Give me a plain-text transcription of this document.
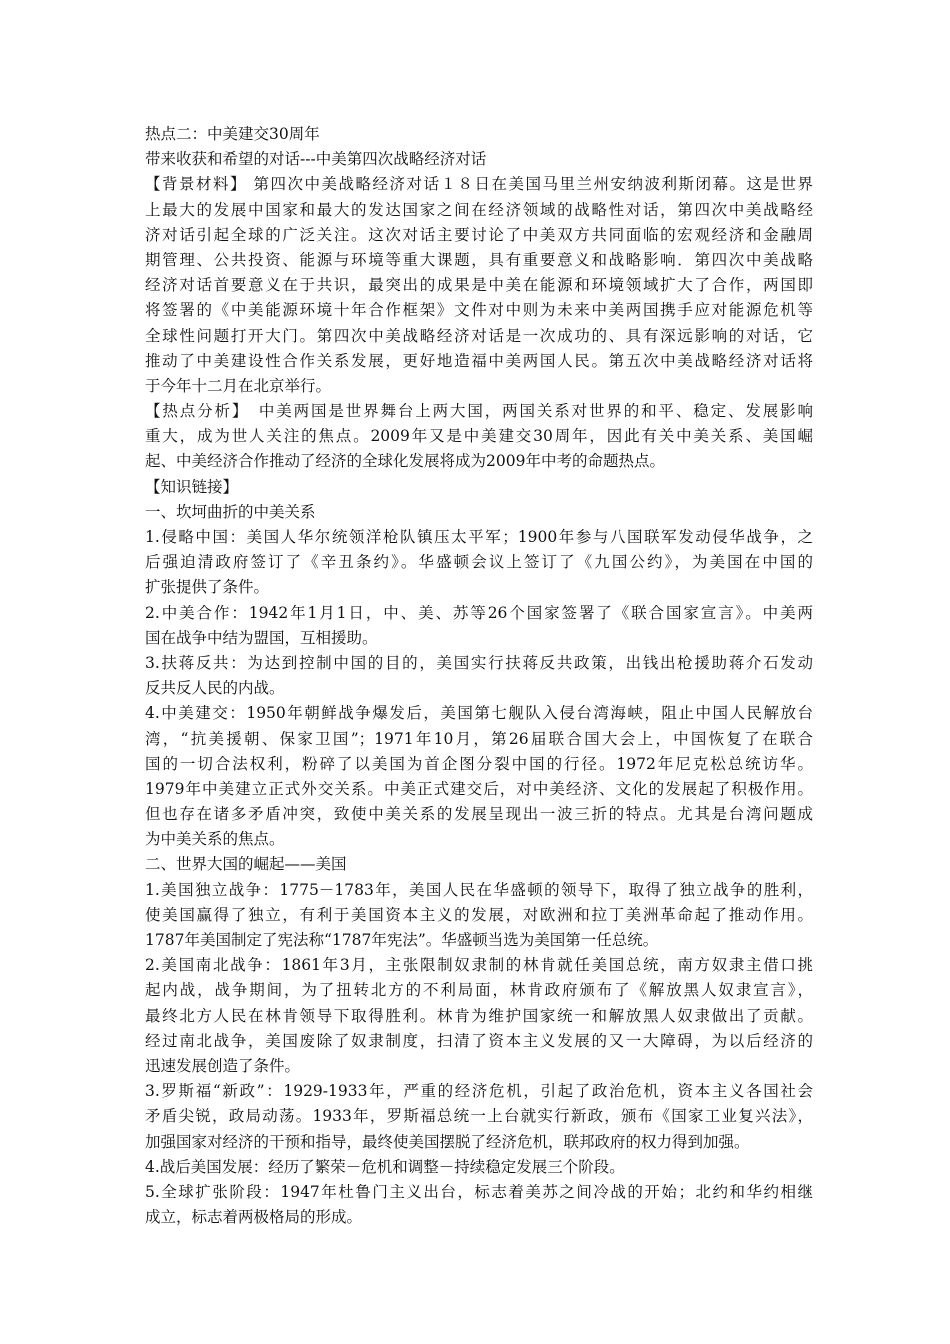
热点二：中美建交30周年
带来收获和希望的对话---中美第四次战略经济对话
【背景材料】 第四次中美战略经济对话１８日在美国马里兰州安纳波利斯闭幕。这是世界
上最大的发展中国家和最大的发达国家之间在经济领域的战略性对话，第四次中美战略经
济对话引起全球的广泛关注。这次对话主要讨论了中美双方共同面临的宏观经济和金融周
期管理、公共投资、能源与环境等重大课题，具有重要意义和战略影响．第四次中美战略
经济对话首要意义在于共识，最突出的成果是中美在能源和环境领域扩大了合作，两国即
将签署的《中美能源环境十年合作框架》文件对中则为未来中美两国携手应对能源危机等
全球性问题打开大门。第四次中美战略经济对话是一次成功的、具有深远影响的对话，它
推动了中美建设性合作关系发展，更好地造福中美两国人民。第五次中美战略经济对话将
于今年十二月在北京举行。
【热点分析】　中美两国是世界舞台上两大国，两国关系对世界的和平、稳定、发展影响
重大，成为世人关注的焦点。2009年又是中美建交30周年，因此有关中美关系、美国崛
起、中美经济合作推动了经济的全球化发展将成为2009年中考的命题热点。
【知识链接】
一、坎坷曲折的中美关系
1.侵略中国：美国人华尔统领洋枪队镇压太平军；1900年参与八国联军发动侵华战争，之
后强迫清政府签订了《辛丑条约》。华盛顿会议上签订了《九国公约》，为美国在中国的
扩张提供了条件。
2.中美合作：1942年1月1日，中、美、苏等26个国家签署了《联合国家宣言》。中美两
国在战争中结为盟国，互相援助。
3.扶蒋反共：为达到控制中国的目的，美国实行扶蒋反共政策，出钱出枪援助蒋介石发动
反共反人民的内战。
4.中美建交：1950年朝鲜战争爆发后，美国第七舰队入侵台湾海峡，阻止中国人民解放台
湾，“抗美援朝、保家卫国”；1971年10月，第26届联合国大会上，中国恢复了在联合
国的一切合法权利，粉碎了以美国为首企图分裂中国的行径。1972年尼克松总统访华。
1979年中美建立正式外交关系。中美正式建交后，对中美经济、文化的发展起了积极作用。
但也存在诸多矛盾冲突，致使中美关系的发展呈现出一波三折的特点。尤其是台湾问题成
为中美关系的焦点。
二、世界大国的崛起——美国
1.美国独立战争：1775－1783年，美国人民在华盛顿的领导下，取得了独立战争的胜利，
使美国赢得了独立，有利于美国资本主义的发展，对欧洲和拉丁美洲革命起了推动作用。
1787年美国制定了宪法称“1787年宪法”。华盛顿当选为美国第一任总统。
2.美国南北战争：1861年3月，主张限制奴隶制的林肯就任美国总统，南方奴隶主借口挑
起内战，战争期间，为了扭转北方的不利局面，林肯政府颁布了《解放黑人奴隶宣言》，
最终北方人民在林肯领导下取得胜利。林肯为维护国家统一和解放黑人奴隶做出了贡献。
经过南北战争，美国废除了奴隶制度，扫清了资本主义发展的又一大障碍，为以后经济的
迅速发展创造了条件。
3.罗斯福“新政”：1929-1933年，严重的经济危机，引起了政治危机，资本主义各国社会
矛盾尖锐，政局动荡。1933年，罗斯福总统一上台就实行新政，颁布《国家工业复兴法》，
加强国家对经济的干预和指导，最终使美国摆脱了经济危机，联邦政府的权力得到加强。
4.战后美国发展：经历了繁荣－危机和调整－持续稳定发展三个阶段。
5.全球扩张阶段：1947年杜鲁门主义出台，标志着美苏之间冷战的开始；北约和华约相继
成立，标志着两极格局的形成。
